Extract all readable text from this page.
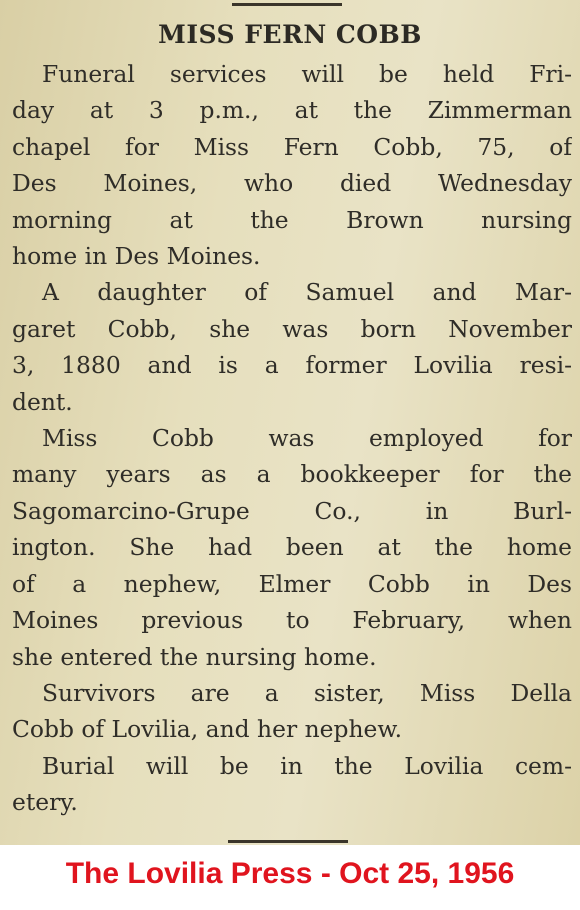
MISS FERN COBB
Funeral services will be held Fri-
day at 3 p.m., at the Zimmerman
chapel for Miss Fern Cobb, 75, of
Des Moines, who died Wednesday
morning at the Brown nursing
home in Des Moines.
A daughter of Samuel and Mar-
garet Cobb, she was born November
3, 1880 and is a former Lovilia resi-
dent.
Miss Cobb was employed for
many years as a bookkeeper for the
Sagomarcino-Grupe Co., in Burl-
ington. She had been at the home
of a nephew, Elmer Cobb in Des
Moines previous to February, when
she entered the nursing home.
Survivors are a sister, Miss Della
Cobb of Lovilia, and her nephew.
Burial will be in the Lovilia cem-
etery.
The Lovilia Press - Oct 25, 1956
